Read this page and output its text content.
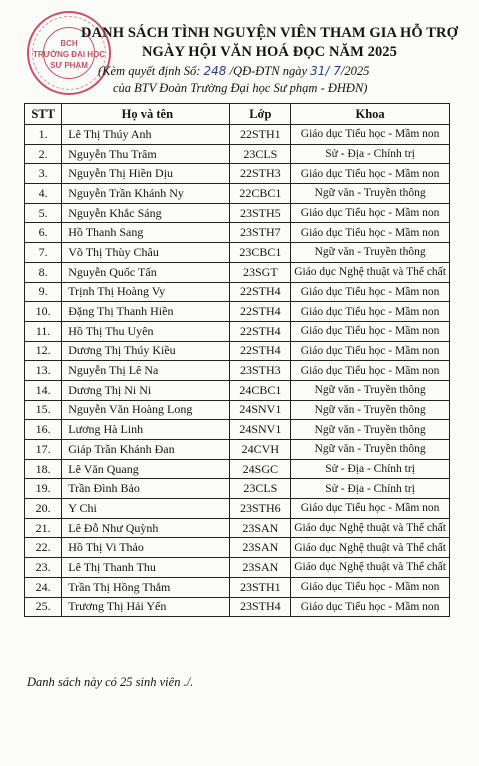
BCH
TRƯỜNG ĐẠI HỌC
SƯ PHẠM
DANH SÁCH TÌNH NGUYỆN VIÊN THAM GIA HỖ TRỢ
NGÀY HỘI VĂN HOÁ ĐỌC NĂM 2025
(Kèm quyết định Số: 248 /QĐ-ĐTN ngày 31/ 7/2025
của BTV Đoàn Trường Đại học Sư phạm - ĐHĐN)
STT	Họ và tên	Lớp	Khoa
1.	Lê Thị Thúy Anh	22STH1	Giáo dục Tiểu học - Mầm non
2.	Nguyễn Thu Trâm	23CLS	Sử - Địa - Chính trị
3.	Nguyễn Thị Hiền Dịu	22STH3	Giáo dục Tiểu học - Mầm non
4.	Nguyễn Trần Khánh Ny	22CBC1	Ngữ văn - Truyền thông
5.	Nguyễn Khắc Sáng	23STH5	Giáo dục Tiểu học - Mầm non
6.	Hồ Thanh Sang	23STH7	Giáo dục Tiểu học - Mầm non
7.	Võ Thị Thùy Châu	23CBC1	Ngữ văn - Truyền thông
8.	Nguyễn Quốc Tấn	23SGT	Giáo dục Nghệ thuật và Thể chất
9.	Trịnh Thị Hoàng Vy	22STH4	Giáo dục Tiểu học - Mầm non
10.	Đặng Thị Thanh Hiền	22STH4	Giáo dục Tiểu học - Mầm non
11.	Hồ Thị Thu Uyên	22STH4	Giáo dục Tiểu học - Mầm non
12.	Dương Thị Thúy Kiều	22STH4	Giáo dục Tiểu học - Mầm non
13.	Nguyễn Thị Lê Na	23STH3	Giáo dục Tiểu học - Mầm non
14.	Dương Thị Ni Ni	24CBC1	Ngữ văn - Truyền thông
15.	Nguyễn Văn Hoàng Long	24SNV1	Ngữ văn - Truyền thông
16.	Lương Hà Linh	24SNV1	Ngữ văn - Truyền thông
17.	Giáp Trần Khánh Đan	24CVH	Ngữ văn - Truyền thông
18.	Lê Văn Quang	24SGC	Sử - Địa - Chính trị
19.	Trần Đình Bảo	23CLS	Sử - Địa - Chính trị
20.	Y Chi	23STH6	Giáo dục Tiểu học - Mầm non
21.	Lê Đỗ Như Quỳnh	23SAN	Giáo dục Nghệ thuật và Thể chất
22.	Hồ Thị Vi Thảo	23SAN	Giáo dục Nghệ thuật và Thể chất
23.	Lê Thị Thanh Thu	23SAN	Giáo dục Nghệ thuật và Thể chất
24.	Trần Thị Hồng Thắm	23STH1	Giáo dục Tiểu học - Mầm non
25.	Trương Thị Hải Yến	23STH4	Giáo dục Tiểu học - Mầm non
Danh sách này có 25 sinh viên ./.
